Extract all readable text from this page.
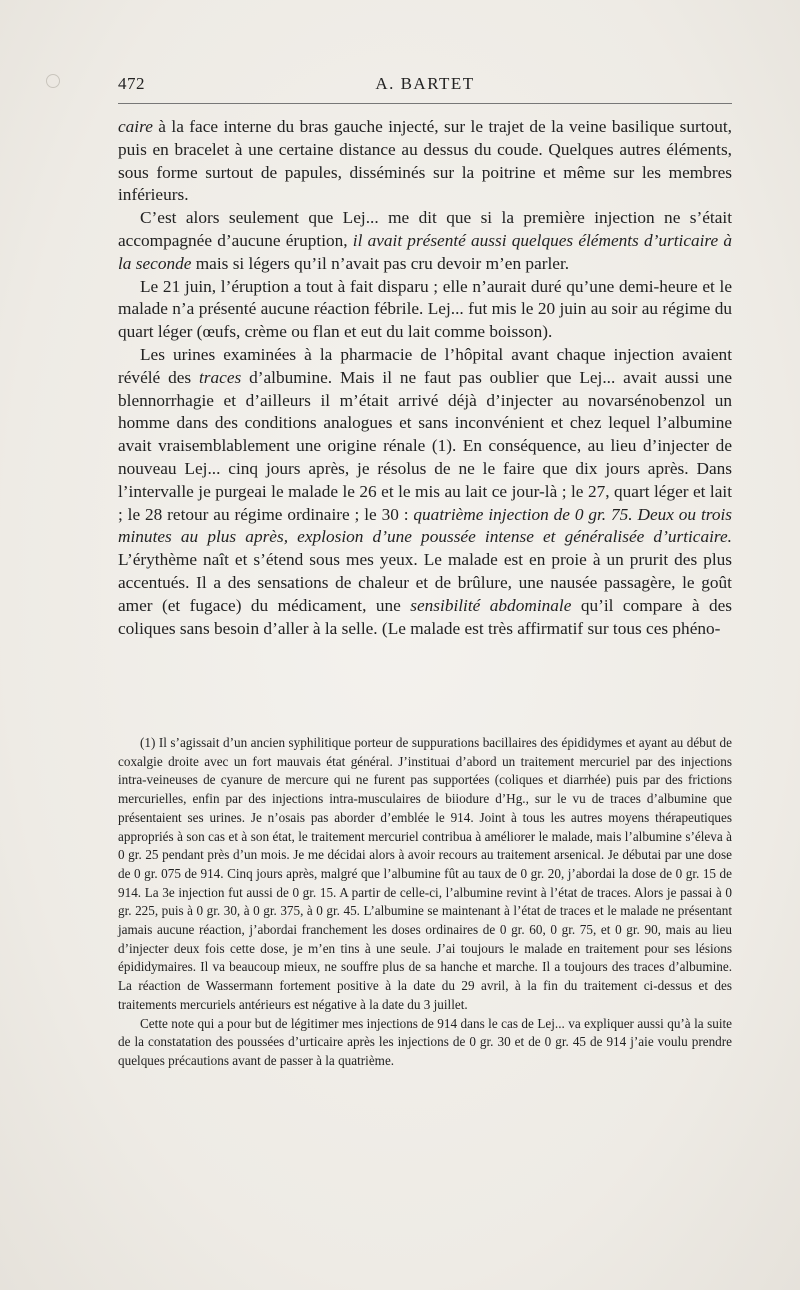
472	A. BARTET

caire à la face interne du bras gauche injecté, sur le trajet de la veine basilique surtout, puis en bracelet à une certaine distance au dessus du coude. Quelques autres éléments, sous forme surtout de papules, disséminés sur la poitrine et même sur les membres inférieurs.

C’est alors seulement que Lej... me dit que si la première injection ne s’était accompagnée d’aucune éruption, il avait présenté aussi quelques éléments d’urticaire à la seconde mais si légers qu’il n’avait pas cru devoir m’en parler.

Le 21 juin, l’éruption a tout à fait disparu ; elle n’aurait duré qu’une demi-heure et le malade n’a présenté aucune réaction fébrile. Lej... fut mis le 20 juin au soir au régime du quart léger (œufs, crème ou flan et eut du lait comme boisson).

Les urines examinées à la pharmacie de l’hôpital avant chaque injection avaient révélé des traces d’albumine. Mais il ne faut pas oublier que Lej... avait aussi une blennorrhagie et d’ailleurs il m’était arrivé déjà d’injecter au novarsénobenzol un homme dans des conditions analogues et sans inconvénient et chez lequel l’albumine avait vraisemblablement une origine rénale (1). En conséquence, au lieu d’injecter de nouveau Lej... cinq jours après, je résolus de ne le faire que dix jours après. Dans l’intervalle je purgeai le malade le 26 et le mis au lait ce jour-là ; le 27, quart léger et lait ; le 28 retour au régime ordinaire ; le 30 : quatrième injection de 0 gr. 75. Deux ou trois minutes au plus après, explosion d’une poussée intense et généralisée d’urticaire. L’érythème naît et s’étend sous mes yeux. Le malade est en proie à un prurit des plus accentués. Il a des sensations de chaleur et de brûlure, une nausée passagère, le goût amer (et fugace) du médicament, une sensibilité abdominale qu’il compare à des coliques sans besoin d’aller à la selle. (Le malade est très affirmatif sur tous ces phéno-

(1) Il s’agissait d’un ancien syphilitique porteur de suppurations bacillaires des épididymes et ayant au début de coxalgie droite avec un fort mauvais état général. J’instituai d’abord un traitement mercuriel par des injections intra-veineuses de cyanure de mercure qui ne furent pas supportées (coliques et diarrhée) puis par des frictions mercurielles, enfin par des injections intra-musculaires de biiodure d’Hg., sur le vu de traces d’albumine que présentaient ses urines. Je n’osais pas aborder d’emblée le 914. Joint à tous les autres moyens thérapeutiques appropriés à son cas et à son état, le traitement mercuriel contribua à améliorer le malade, mais l’albumine s’éleva à 0 gr. 25 pendant près d’un mois. Je me décidai alors à avoir recours au traitement arsenical. Je débutai par une dose de 0 gr. 075 de 914. Cinq jours après, malgré que l’albumine fût au taux de 0 gr. 20, j’abordai la dose de 0 gr. 15 de 914. La 3e injection fut aussi de 0 gr. 15. A partir de celle-ci, l’albumine revint à l’état de traces. Alors je passai à 0 gr. 225, puis à 0 gr. 30, à 0 gr. 375, à 0 gr. 45. L’albumine se maintenant à l’état de traces et le malade ne présentant jamais aucune réaction, j’abordai franchement les doses ordinaires de 0 gr. 60, 0 gr. 75, et 0 gr. 90, mais au lieu d’injecter deux fois cette dose, je m’en tins à une seule. J’ai toujours le malade en traitement pour ses lésions épididymaires. Il va beaucoup mieux, ne souffre plus de sa hanche et marche. Il a toujours des traces d’albumine. La réaction de Wassermann fortement positive à la date du 29 avril, à la fin du traitement ci-dessus et des traitements mercuriels antérieurs est négative à la date du 3 juillet.

Cette note qui a pour but de légitimer mes injections de 914 dans le cas de Lej... va expliquer aussi qu’à la suite de la constatation des poussées d’urticaire après les injections de 0 gr. 30 et de 0 gr. 45 de 914 j’aie voulu prendre quelques précautions avant de passer à la quatrième.
